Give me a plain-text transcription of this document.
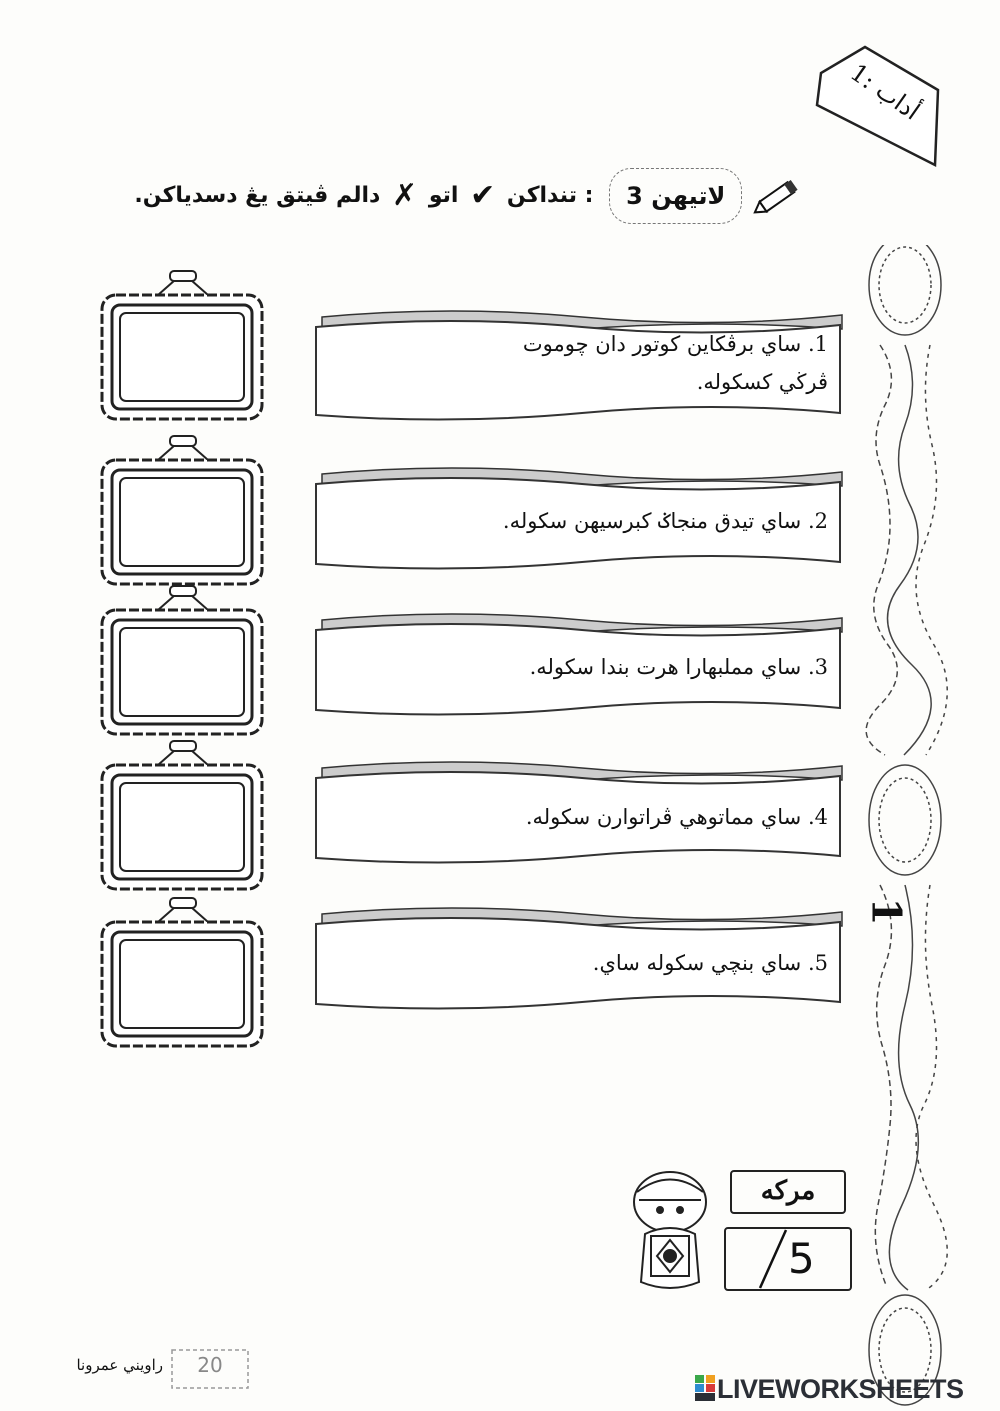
أداب :1
لاتيهن 3 : تنداكن ✔ اتو ✗ دالم ڤيتق يڠ دسدياكن.
1. ساي برڤكاين كوتور دان چوموت
ڤرڬي كسكوله.
2. ساي تيدق منجاݢ كبرسيهن سكوله.
3. ساي مملبهارا هرت بندا سكوله.
4. ساي مماتوهي ڤراتوارن سكوله.
5. ساي بنچي سكوله ساي.
1
مركه
5
20
راويني عمرونا
LIVEWORKSHEETS
